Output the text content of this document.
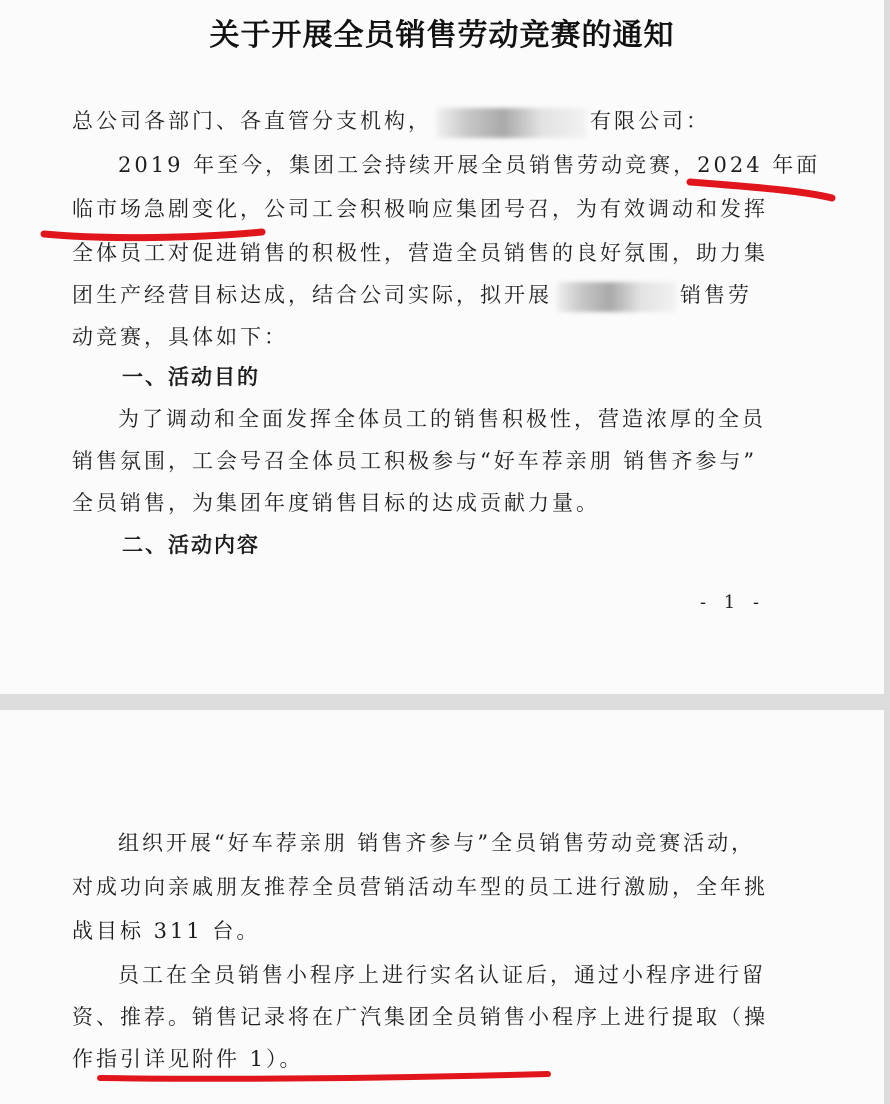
关于开展全员销售劳动竞赛的通知
总公司各部门、各直管分支机构，	有限公司：
2019 年至今，集团工会持续开展全员销售劳动竞赛，2024 年面
临市场急剧变化，公司工会积极响应集团号召，为有效调动和发挥
全体员工对促进销售的积极性，营造全员销售的良好氛围，助力集
团生产经营目标达成，结合公司实际，拟开展	销售劳
动竞赛，具体如下：
一、活动目的
为了调动和全面发挥全体员工的销售积极性，营造浓厚的全员
销售氛围，工会号召全体员工积极参与“好车荐亲朋 销售齐参与”
全员销售，为集团年度销售目标的达成贡献力量。
二、活动内容
- 1 -
组织开展“好车荐亲朋 销售齐参与”全员销售劳动竞赛活动，
对成功向亲戚朋友推荐全员营销活动车型的员工进行激励，全年挑
战目标 311 台。
员工在全员销售小程序上进行实名认证后，通过小程序进行留
资、推荐。销售记录将在广汽集团全员销售小程序上进行提取（操
作指引详见附件 1）。
